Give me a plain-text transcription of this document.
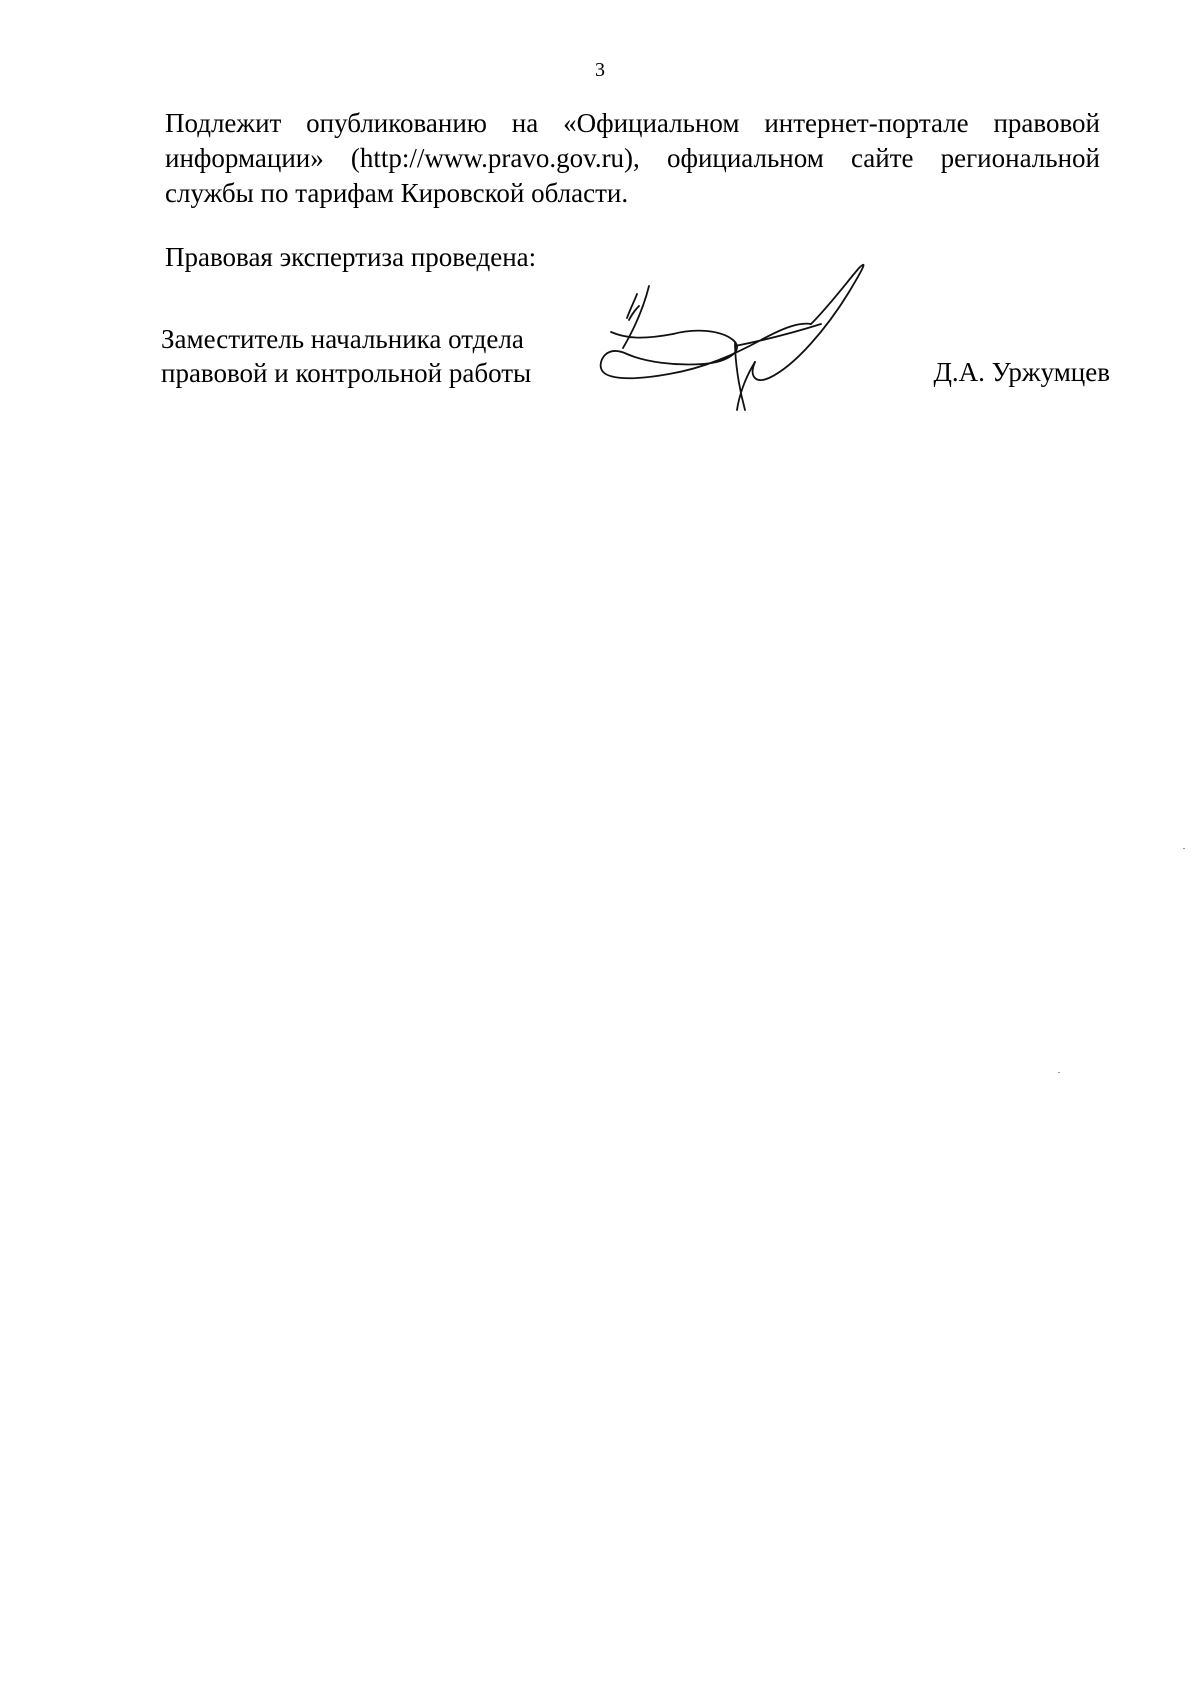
3

Подлежит опубликованию на «Официальном интернет-портале правовой информации» (http://www.pravo.gov.ru), официальном сайте региональной службы по тарифам Кировской области.

Правовая экспертиза проведена:

Заместитель начальника отдела
правовой и контрольной работы	Д.А. Уржумцев
